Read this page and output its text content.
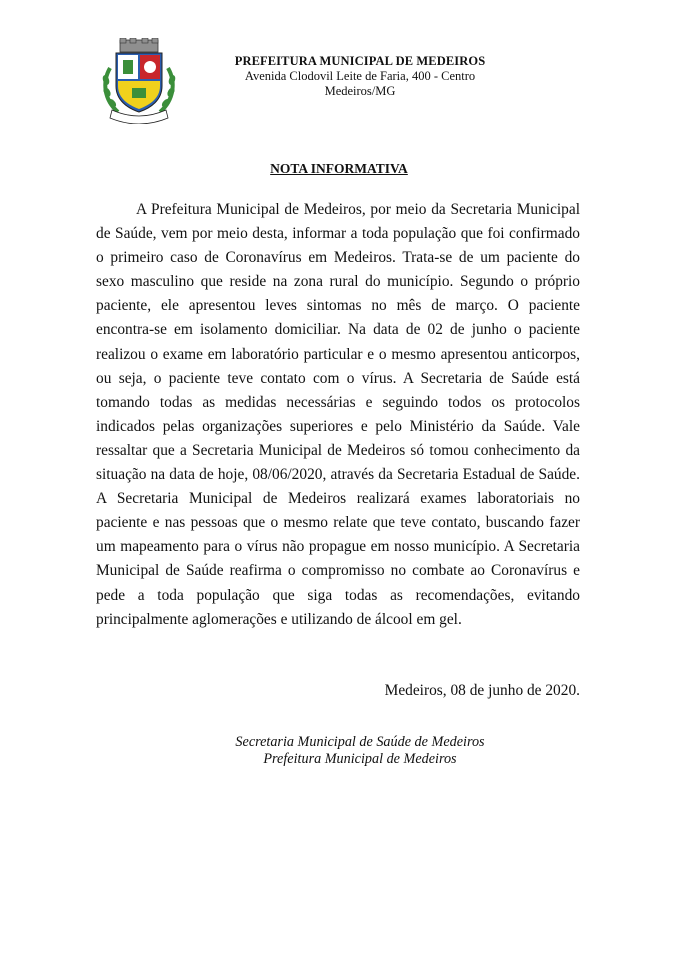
PREFEITURA MUNICIPAL DE MEDEIROS
Avenida Clodovil Leite de Faria, 400 - Centro
Medeiros/MG
NOTA INFORMATIVA

A Prefeitura Municipal de Medeiros, por meio da Secretaria Municipal de Saúde, vem por meio desta, informar a toda população que foi confirmado o primeiro caso de Coronavírus em Medeiros. Trata-se de um paciente do sexo masculino que reside na zona rural do município. Segundo o próprio paciente, ele apresentou leves sintomas no mês de março. O paciente encontra-se em isolamento domiciliar. Na data de 02 de junho o paciente realizou o exame em laboratório particular e o mesmo apresentou anticorpos, ou seja, o paciente teve contato com o vírus. A Secretaria de Saúde está tomando todas as medidas necessárias e seguindo todos os protocolos indicados pelas organizações superiores e pelo Ministério da Saúde. Vale ressaltar que a Secretaria Municipal de Medeiros só tomou conhecimento da situação na data de hoje, 08/06/2020, através da Secretaria Estadual de Saúde. A Secretaria Municipal de Medeiros realizará exames laboratoriais no paciente e nas pessoas que o mesmo relate que teve contato, buscando fazer um mapeamento para o vírus não propague em nosso município. A Secretaria Municipal de Saúde reafirma o compromisso no combate ao Coronavírus e pede a toda população que siga todas as recomendações, evitando principalmente aglomerações e utilizando de álcool em gel.

Medeiros, 08 de junho de 2020.
Secretaria Municipal de Saúde de Medeiros
Prefeitura Municipal de Medeiros
